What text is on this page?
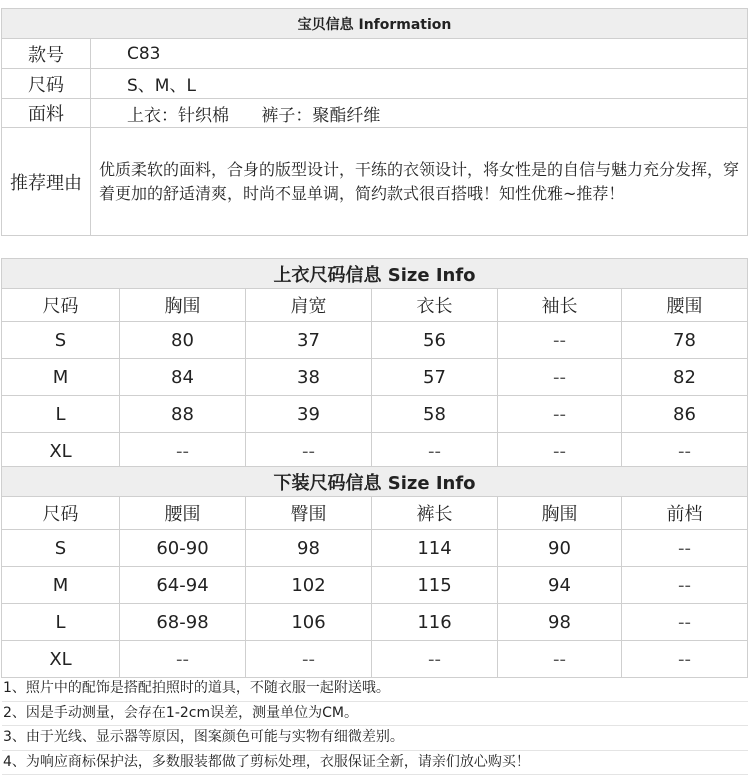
宝贝信息 Information	
款号	C83
尺码	S、M、L
面料	上衣：针织棉      裤子：聚酯纤维
推荐理由	优质柔软的面料，合身的版型设计，干练的衣领设计，将女性是的自信与魅力充分发挥，穿着更加的舒适清爽，时尚不显单调，简约款式很百搭哦！知性优雅~推荐！
上衣尺码信息 Size Info					
尺码	胸围	肩宽	衣长	袖长	腰围
S	80	37	56	--	78
M	84	38	57	--	82
L	88	39	58	--	86
XL	--	--	--	--	--
下装尺码信息 Size Info					
尺码	腰围	臀围	裤长	胸围	前档
S	60-90	98	114	90	--
M	64-94	102	115	94	--
L	68-98	106	116	98	--
XL	--	--	--	--	--
1、照片中的配饰是搭配拍照时的道具，不随衣服一起附送哦。
2、因是手动测量，会存在1-2cm误差，测量单位为CM。
3、由于光线、显示器等原因，图案颜色可能与实物有细微差别。
4、为响应商标保护法，多数服装都做了剪标处理，衣服保证全新，请亲们放心购买！
